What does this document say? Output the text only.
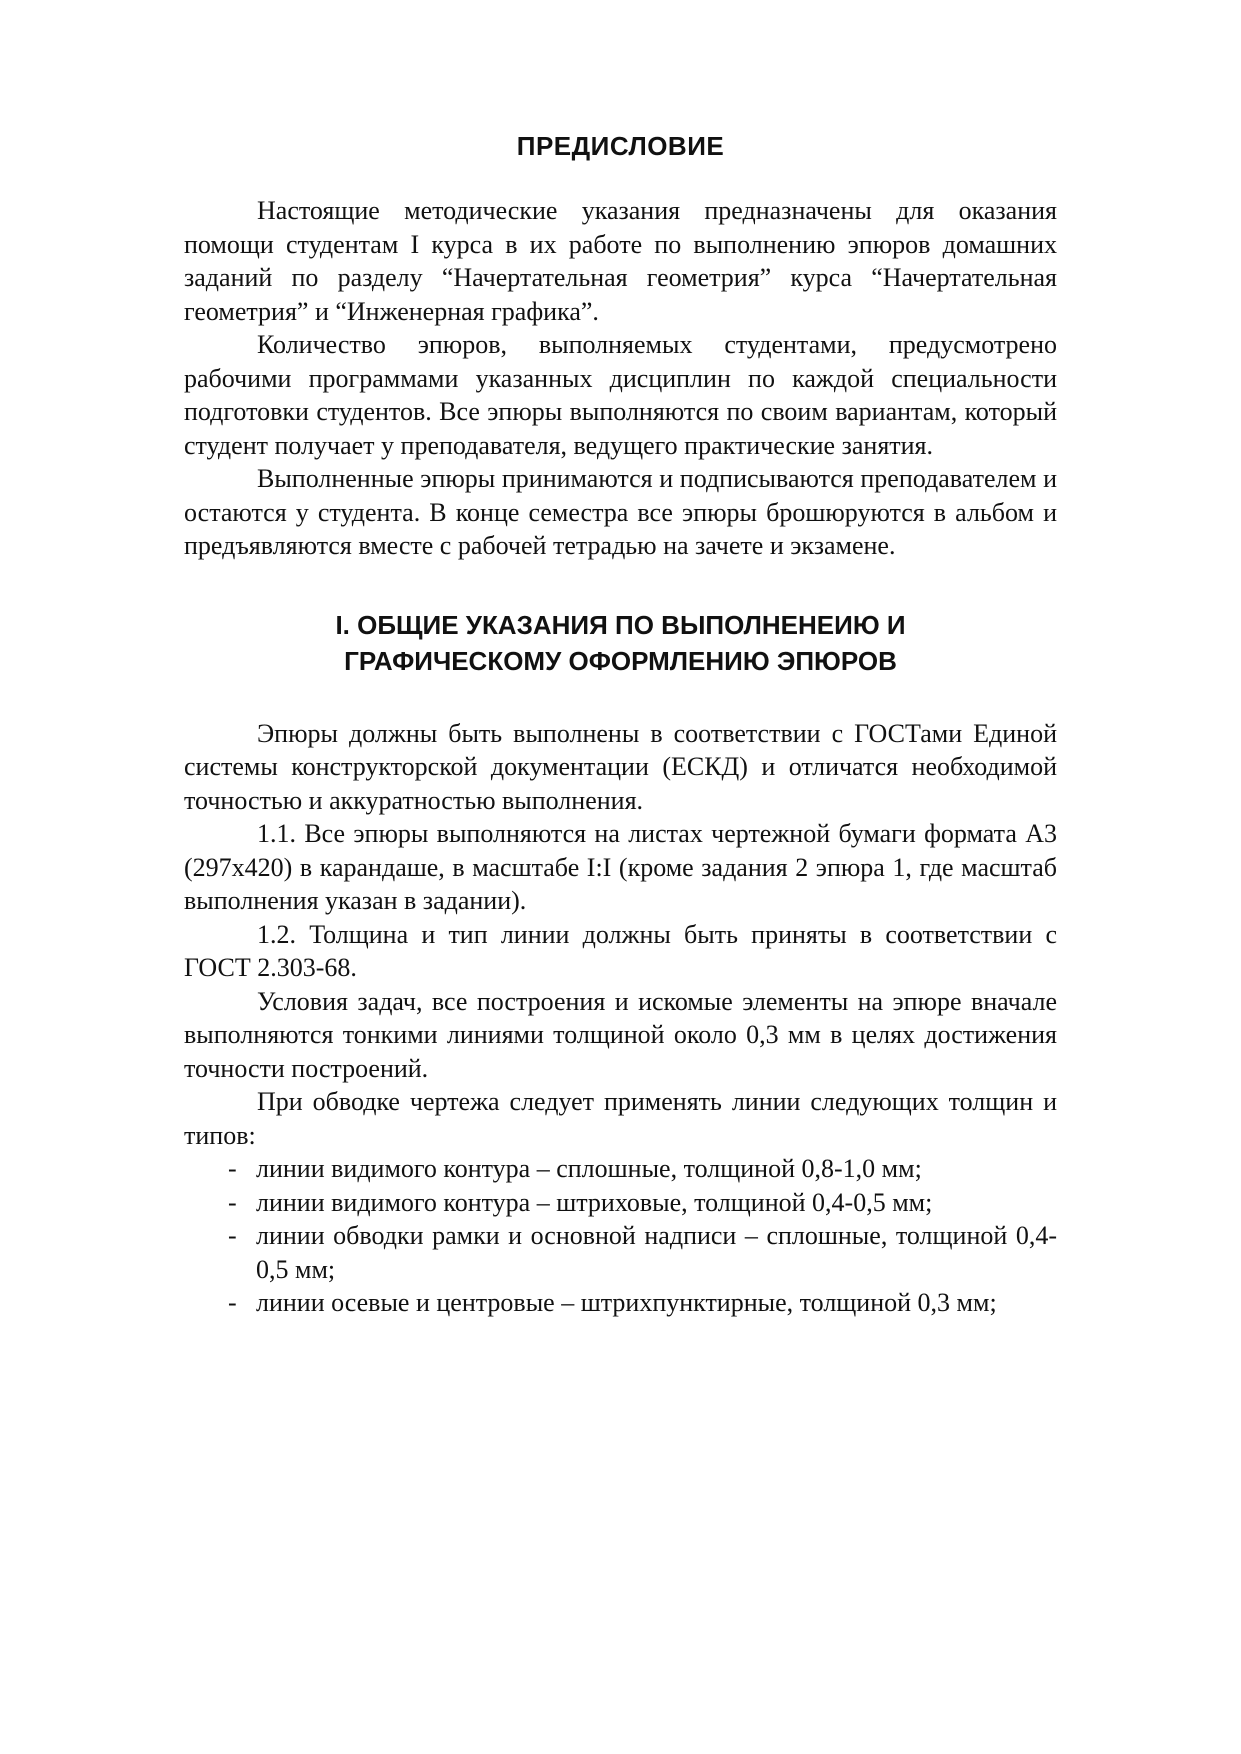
ПРЕДИСЛОВИЕ

Настоящие методические указания предназначены для оказания помощи студентам I курса в их работе по выполнению эпюров домашних заданий по разделу “Начертательная геометрия” курса “Начертательная геометрия” и “Инженерная графика”.

Количество эпюров, выполняемых студентами, предусмотрено рабочими программами указанных дисциплин по каждой специальности подготовки студентов. Все эпюры выполняются по своим вариантам, который студент получает у преподавателя, ведущего практические занятия.

Выполненные эпюры принимаются и подписываются преподавателем и остаются у студента. В конце семестра все эпюры брошюруются в альбом и предъявляются вместе с рабочей тетрадью на зачете и экзамене.

I. ОБЩИЕ УКАЗАНИЯ ПО ВЫПОЛНЕНЕИЮ И
ГРАФИЧЕСКОМУ ОФОРМЛЕНИЮ ЭПЮРОВ

Эпюры должны быть выполнены в соответствии с ГОСТами Единой системы конструкторской документации (ЕСКД) и отличатся необходимой точностью и аккуратностью выполнения.

1.1. Все эпюры выполняются на листах чертежной бумаги формата А3 (297х420) в карандаше, в масштабе I:I (кроме задания 2 эпюра 1, где масштаб выполнения указан в задании).

1.2. Толщина и тип линии должны быть приняты в соответствии с ГОСТ 2.303-68.

Условия задач, все построения и искомые элементы на эпюре вначале выполняются тонкими линиями толщиной около 0,3 мм в целях достижения точности построений.

При обводке чертежа следует применять линии следующих толщин и типов:

- линии видимого контура – сплошные, толщиной 0,8-1,0 мм;
- линии видимого контура – штриховые, толщиной 0,4-0,5 мм;
- линии обводки рамки и основной надписи – сплошные, толщиной 0,4-0,5 мм;
- линии осевые и центровые – штрихпунктирные, толщиной 0,3 мм;
